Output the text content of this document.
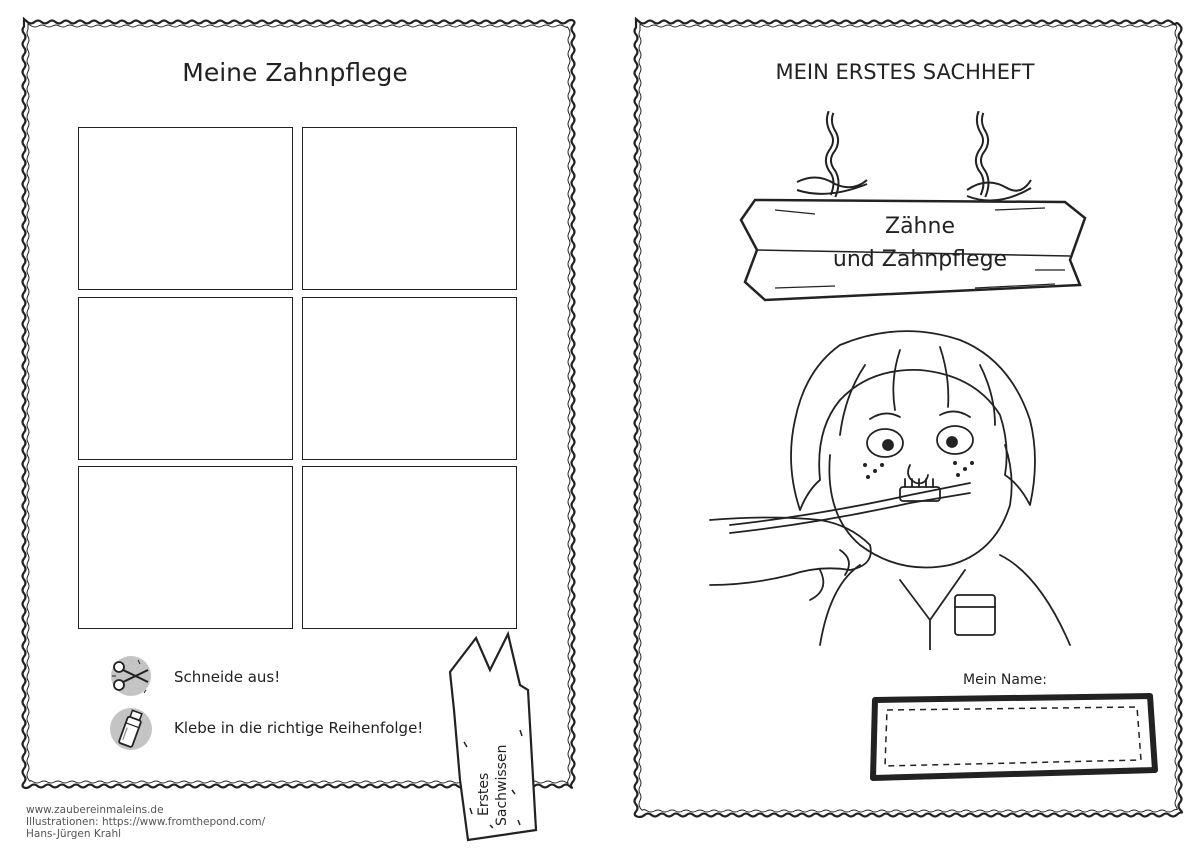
Meine Zahnpflege
Schneide aus!
Klebe in die richtige Reihenfolge!
Erstes Sachwissen
www.zaubereinmaleins.de
Illustrationen: https://www.fromthepond.com/
Hans-Jürgen Krahl
MEIN ERSTES SACHHEFT
Zähne
und Zahnpflege
Mein Name:
